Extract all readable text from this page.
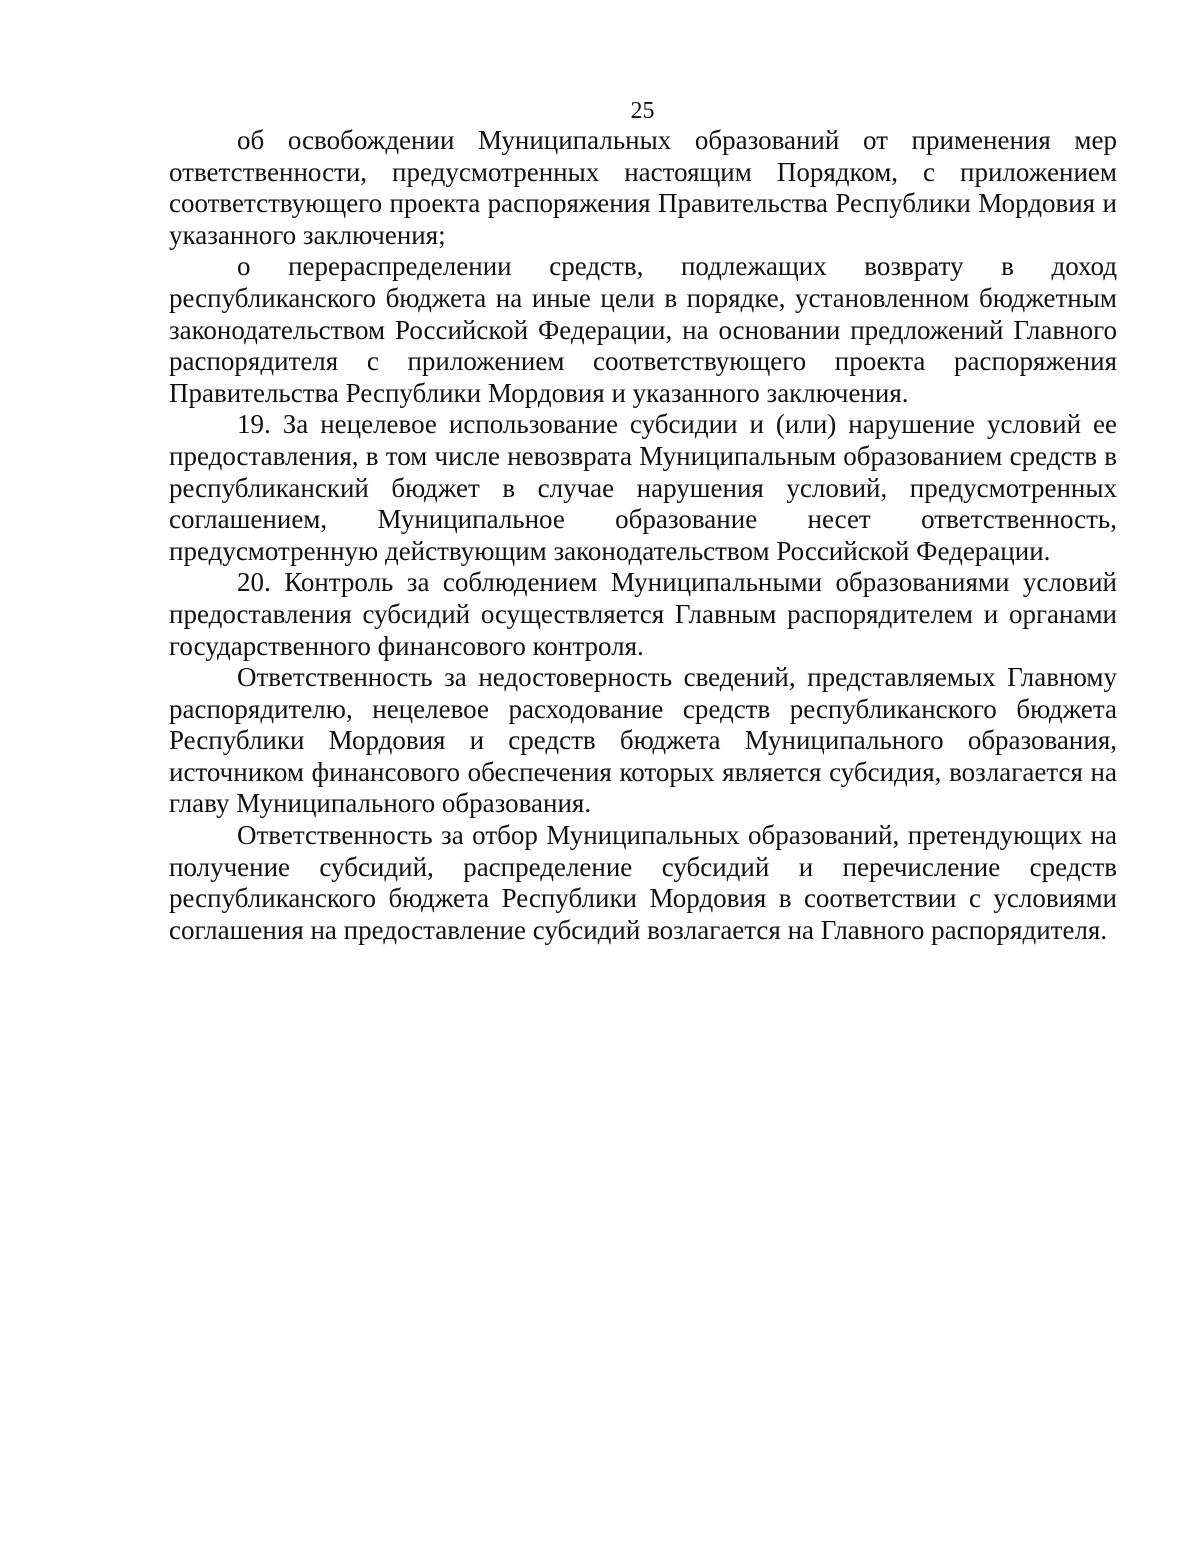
25

об освобождении Муниципальных образований от применения мер ответственности, предусмотренных настоящим Порядком, с приложением соответствующего проекта распоряжения Правительства Республики Мордовия и указанного заключения;

о перераспределении средств, подлежащих возврату в доход республиканского бюджета на иные цели в порядке, установленном бюджетным законодательством Российской Федерации, на основании предложений Главного распорядителя с приложением соответствующего проекта распоряжения Правительства Республики Мордовия и указанного заключения.

19. За нецелевое использование субсидии и (или) нарушение условий ее предоставления, в том числе невозврата Муниципальным образованием средств в республиканский бюджет в случае нарушения условий, предусмотренных соглашением, Муниципальное образование несет ответственность, предусмотренную действующим законодательством Российской Федерации.

20. Контроль за соблюдением Муниципальными образованиями условий предоставления субсидий осуществляется Главным распорядителем и органами государственного финансового контроля.

Ответственность за недостоверность сведений, представляемых Главному распорядителю, нецелевое расходование средств республиканского бюджета Республики Мордовия и средств бюджета Муниципального образования, источником финансового обеспечения которых является субсидия, возлагается на главу Муниципального образования.

Ответственность за отбор Муниципальных образований, претендующих на получение субсидий, распределение субсидий и перечисление средств республиканского бюджета Республики Мордовия в соответствии с условиями соглашения на предоставление субсидий возлагается на Главного распорядителя.
